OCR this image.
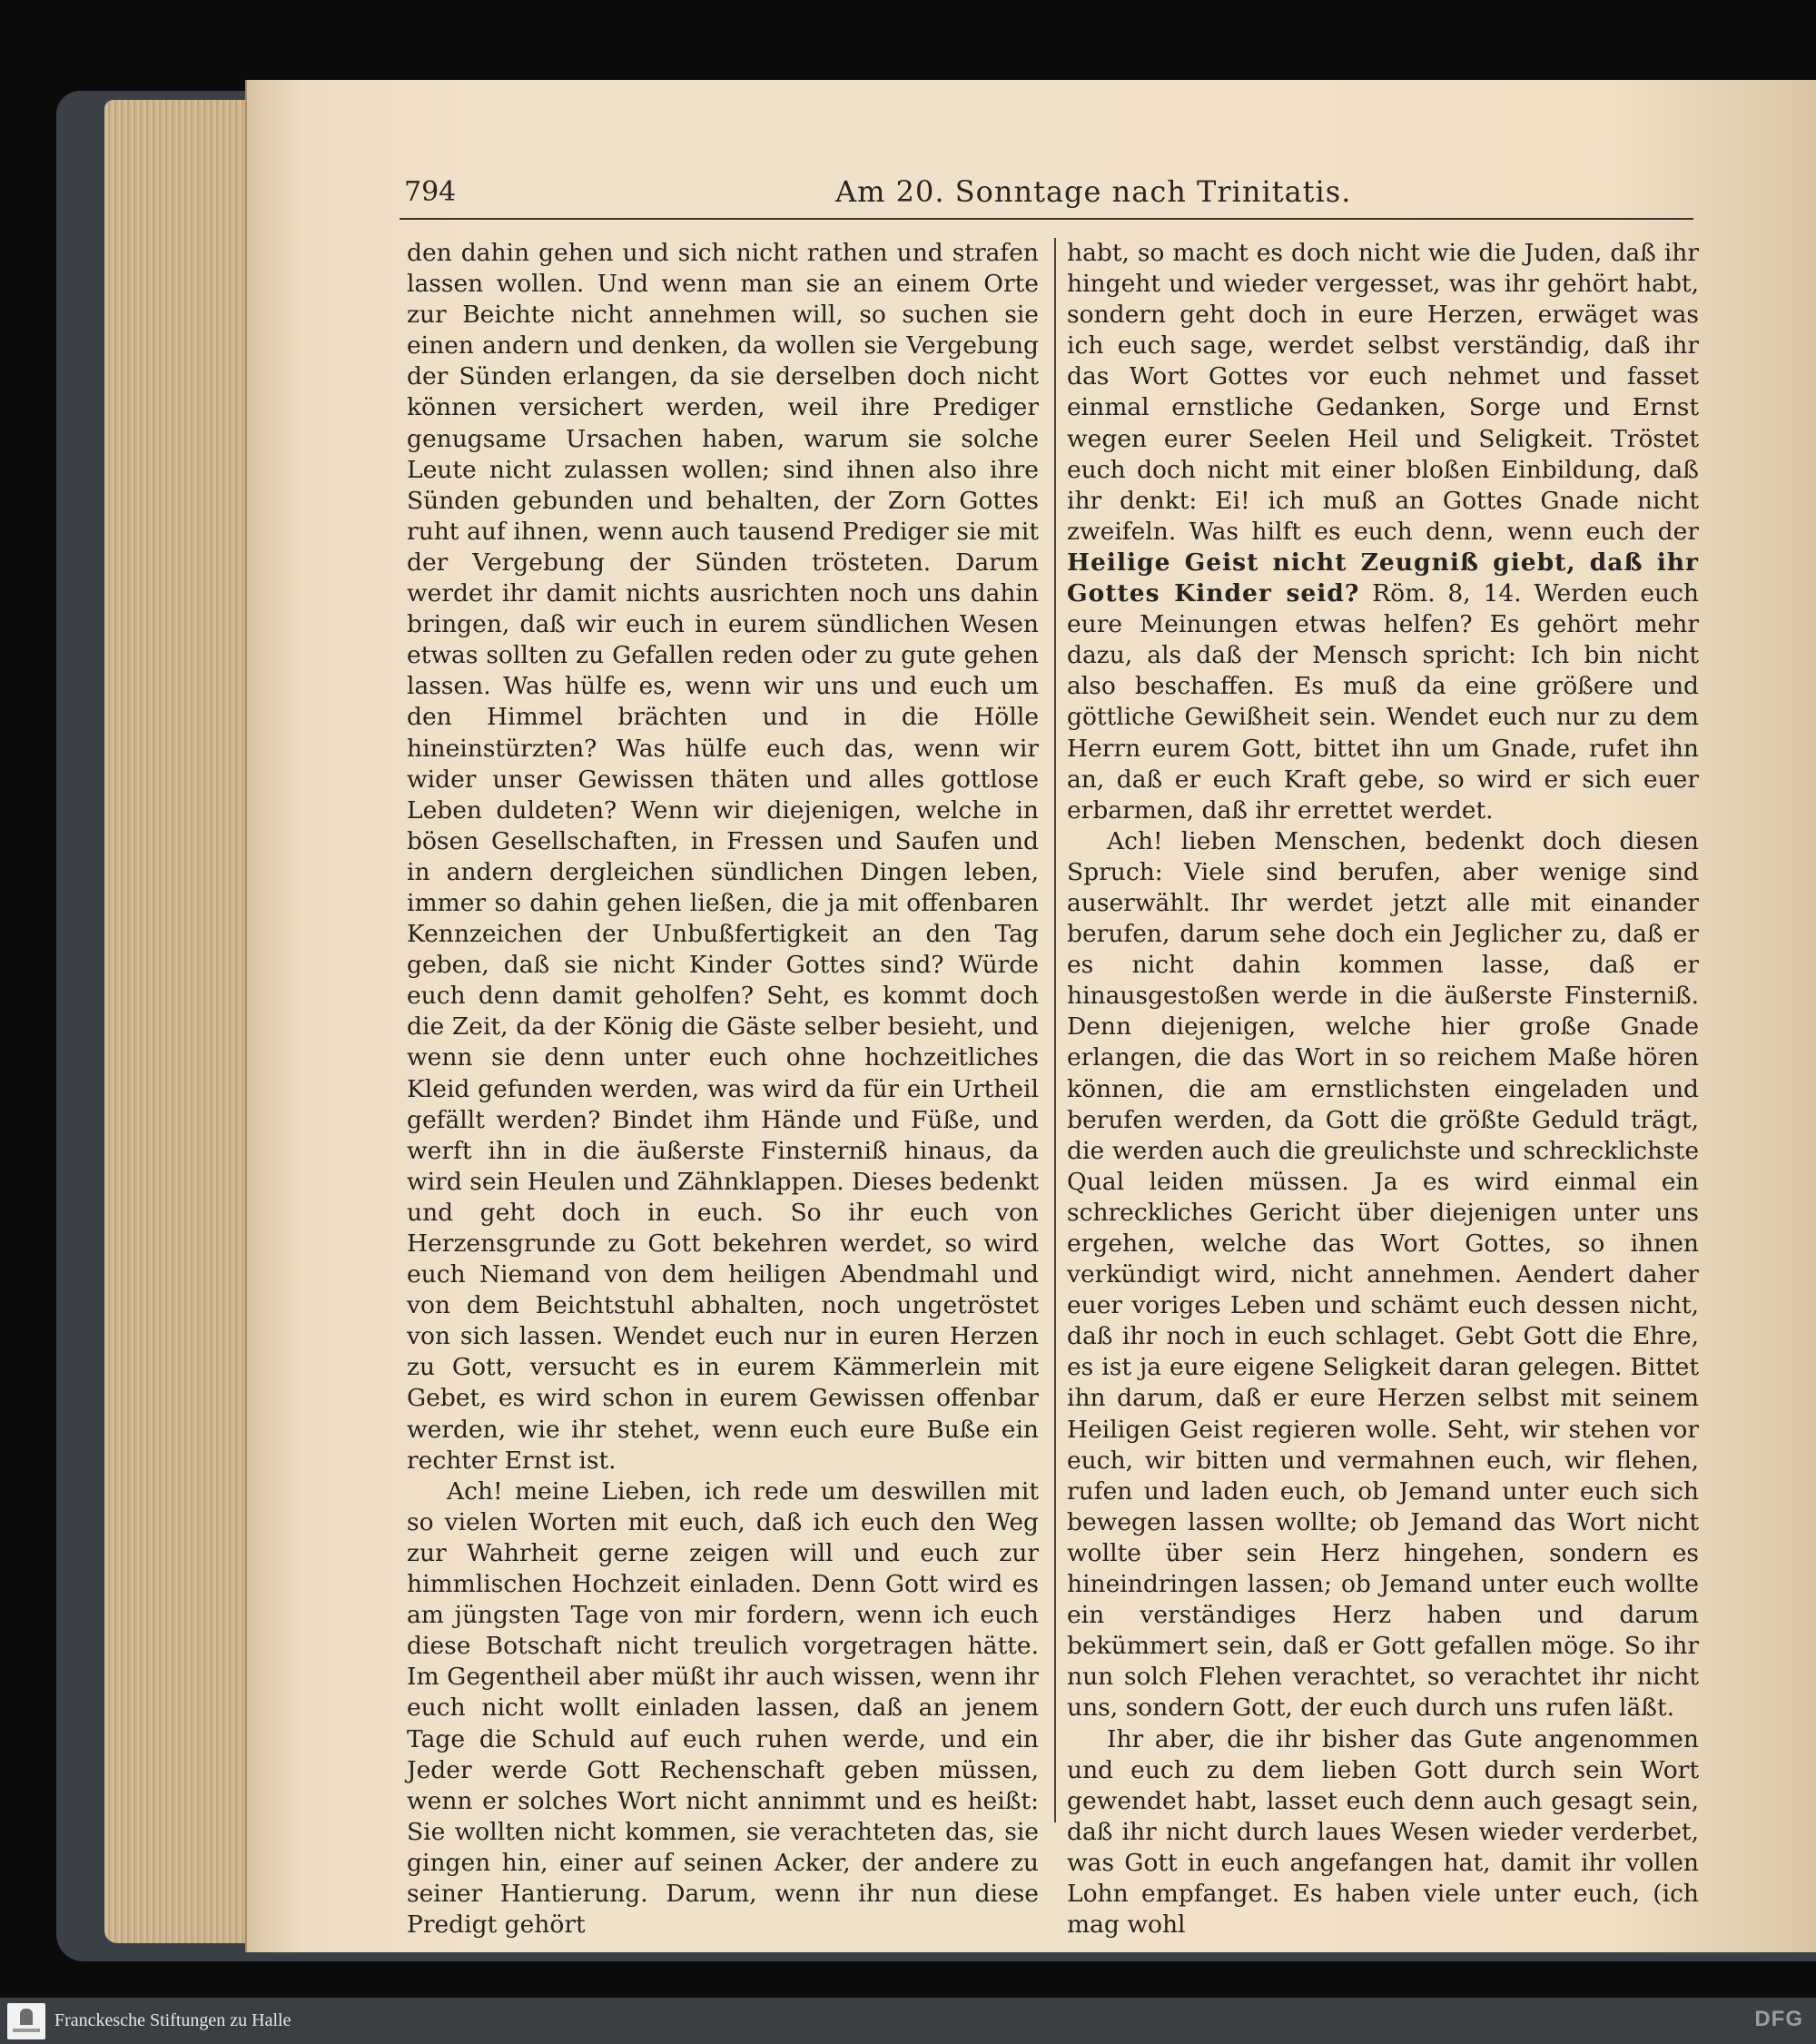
794	Am 20. Sonntage nach Trinitatis.

den dahin gehen und sich nicht rathen und strafen lassen wollen. Und wenn man sie an einem Orte zur Beichte nicht annehmen will, so suchen sie einen andern und denken, da wollen sie Vergebung der Sünden erlangen, da sie derselben doch nicht können versichert werden, weil ihre Prediger genugsame Ursachen haben, warum sie solche Leute nicht zulassen wollen; sind ihnen also ihre Sünden gebunden und behalten, der Zorn Gottes ruht auf ihnen, wenn auch tausend Prediger sie mit der Vergebung der Sünden trösteten. Darum werdet ihr damit nichts ausrichten noch uns dahin bringen, daß wir euch in eurem sündlichen Wesen etwas sollten zu Gefallen reden oder zu gute gehen lassen. Was hülfe es, wenn wir uns und euch um den Himmel brächten und in die Hölle hineinstürzten? Was hülfe euch das, wenn wir wider unser Gewissen thäten und alles gottlose Leben duldeten? Wenn wir diejenigen, welche in bösen Gesellschaften, in Fressen und Saufen und in andern dergleichen sündlichen Dingen leben, immer so dahin gehen ließen, die ja mit offenbaren Kennzeichen der Unbußfertigkeit an den Tag geben, daß sie nicht Kinder Gottes sind? Würde euch denn damit geholfen? Seht, es kommt doch die Zeit, da der König die Gäste selber besieht, und wenn sie denn unter euch ohne hochzeitliches Kleid gefunden werden, was wird da für ein Urtheil gefällt werden? Bindet ihm Hände und Füße, und werft ihn in die äußerste Finsterniß hinaus, da wird sein Heulen und Zähnklappen. Dieses bedenkt und geht doch in euch. So ihr euch von Herzensgrunde zu Gott bekehren werdet, so wird euch Niemand von dem heiligen Abendmahl und von dem Beichtstuhl abhalten, noch ungetröstet von sich lassen. Wendet euch nur in euren Herzen zu Gott, versucht es in eurem Kämmerlein mit Gebet, es wird schon in eurem Gewissen offenbar werden, wie ihr stehet, wenn euch eure Buße ein rechter Ernst ist.

Ach! meine Lieben, ich rede um deswillen mit so vielen Worten mit euch, daß ich euch den Weg zur Wahrheit gerne zeigen will und euch zur himmlischen Hochzeit einladen. Denn Gott wird es am jüngsten Tage von mir fordern, wenn ich euch diese Botschaft nicht treulich vorgetragen hätte. Im Gegentheil aber müßt ihr auch wissen, wenn ihr euch nicht wollt einladen lassen, daß an jenem Tage die Schuld auf euch ruhen werde, und ein Jeder werde Gott Rechenschaft geben müssen, wenn er solches Wort nicht annimmt und es heißt: Sie wollten nicht kommen, sie verachteten das, sie gingen hin, einer auf seinen Acker, der andere zu seiner Hantierung. Darum, wenn ihr nun diese Predigt gehört

habt, so macht es doch nicht wie die Juden, daß ihr hingeht und wieder vergesset, was ihr gehört habt, sondern geht doch in eure Herzen, erwäget was ich euch sage, werdet selbst verständig, daß ihr das Wort Gottes vor euch nehmet und fasset einmal ernstliche Gedanken, Sorge und Ernst wegen eurer Seelen Heil und Seligkeit. Tröstet euch doch nicht mit einer bloßen Einbildung, daß ihr denkt: Ei! ich muß an Gottes Gnade nicht zweifeln. Was hilft es euch denn, wenn euch der Heilige Geist nicht Zeugniß giebt, daß ihr Gottes Kinder seid? Röm. 8, 14. Werden euch eure Meinungen etwas helfen? Es gehört mehr dazu, als daß der Mensch spricht: Ich bin nicht also beschaffen. Es muß da eine größere und göttliche Gewißheit sein. Wendet euch nur zu dem Herrn eurem Gott, bittet ihn um Gnade, rufet ihn an, daß er euch Kraft gebe, so wird er sich euer erbarmen, daß ihr errettet werdet.

Ach! lieben Menschen, bedenkt doch diesen Spruch: Viele sind berufen, aber wenige sind auserwählt. Ihr werdet jetzt alle mit einander berufen, darum sehe doch ein Jeglicher zu, daß er es nicht dahin kommen lasse, daß er hinausgestoßen werde in die äußerste Finsterniß. Denn diejenigen, welche hier große Gnade erlangen, die das Wort in so reichem Maße hören können, die am ernstlichsten eingeladen und berufen werden, da Gott die größte Geduld trägt, die werden auch die greulichste und schrecklichste Qual leiden müssen. Ja es wird einmal ein schreckliches Gericht über diejenigen unter uns ergehen, welche das Wort Gottes, so ihnen verkündigt wird, nicht annehmen. Aendert daher euer voriges Leben und schämt euch dessen nicht, daß ihr noch in euch schlaget. Gebt Gott die Ehre, es ist ja eure eigene Seligkeit daran gelegen. Bittet ihn darum, daß er eure Herzen selbst mit seinem Heiligen Geist regieren wolle. Seht, wir stehen vor euch, wir bitten und vermahnen euch, wir flehen, rufen und laden euch, ob Jemand unter euch sich bewegen lassen wollte; ob Jemand das Wort nicht wollte über sein Herz hingehen, sondern es hineindringen lassen; ob Jemand unter euch wollte ein verständiges Herz haben und darum bekümmert sein, daß er Gott gefallen möge. So ihr nun solch Flehen verachtet, so verachtet ihr nicht uns, sondern Gott, der euch durch uns rufen läßt.

Ihr aber, die ihr bisher das Gute angenommen und euch zu dem lieben Gott durch sein Wort gewendet habt, lasset euch denn auch gesagt sein, daß ihr nicht durch laues Wesen wieder verderbet, was Gott in euch angefangen hat, damit ihr vollen Lohn empfanget. Es haben viele unter euch, (ich mag wohl

Franckesche Stiftungen zu Halle	DFG
